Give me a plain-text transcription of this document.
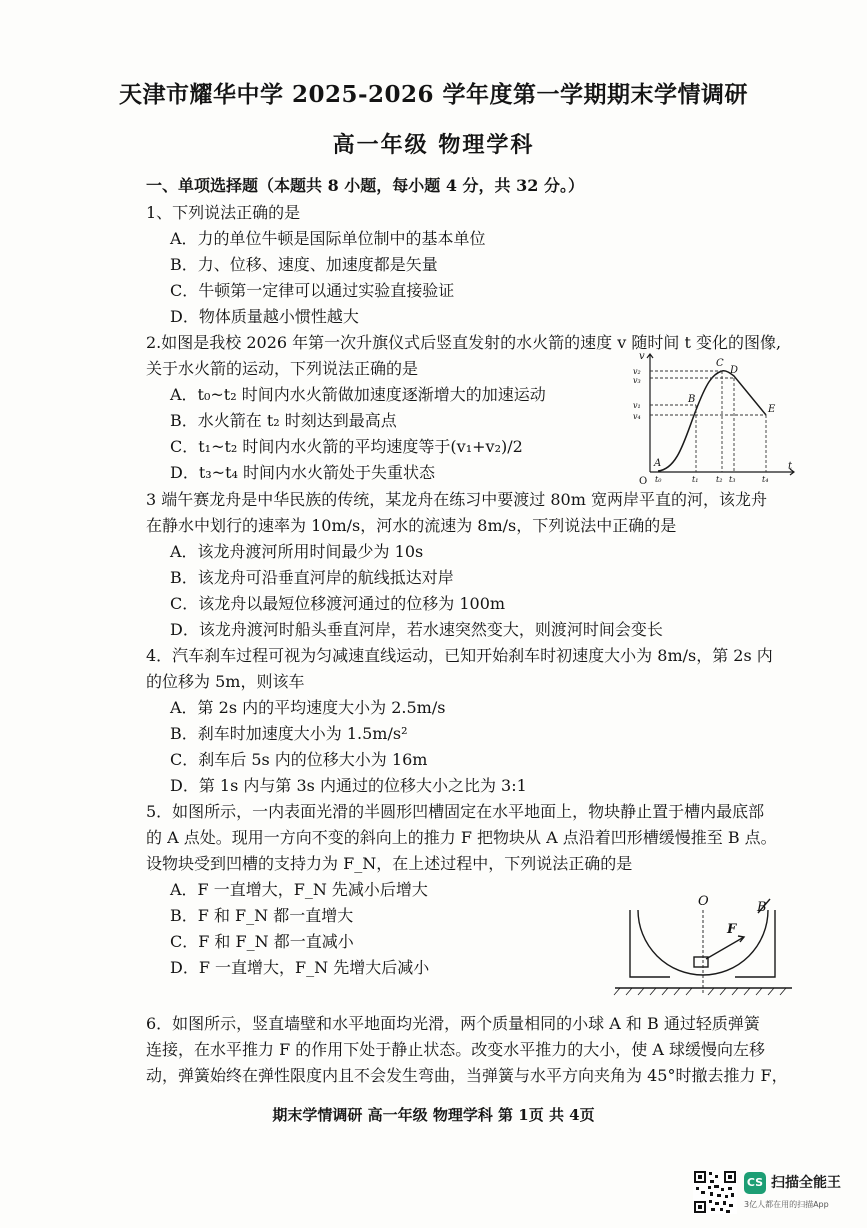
天津市耀华中学 2025-2026 学年度第一学期期末学情调研
高一年级 物理学科
一、单项选择题（本题共 8 小题，每小题 4 分，共 32 分。）
1、下列说法正确的是
A．力的单位牛顿是国际单位制中的基本单位
B．力、位移、速度、加速度都是矢量
C．牛顿第一定律可以通过实验直接验证
D．物体质量越小惯性越大
2.如图是我校 2026 年第一次升旗仪式后竖直发射的水火箭的速度 v 随时间 t 变化的图像,
关于水火箭的运动，下列说法正确的是
A．t₀~t₂ 时间内水火箭做加速度逐渐增大的加速运动
B．水火箭在 t₂ 时刻达到最高点
C．t₁~t₂ 时间内水火箭的平均速度等于(v₁+v₂)/2
D．t₃~t₄ 时间内水火箭处于失重状态
v
t
O
v₂
v₃
v₁
v₄
t₀	t₁ t₂ t₃	t₄
A
B
C
D
E
3 端午赛龙舟是中华民族的传统，某龙舟在练习中要渡过 80m 宽两岸平直的河，该龙舟
在静水中划行的速率为 10m/s，河水的流速为 8m/s，下列说法中正确的是
A．该龙舟渡河所用时间最少为 10s
B．该龙舟可沿垂直河岸的航线抵达对岸
C．该龙舟以最短位移渡河通过的位移为 100m
D．该龙舟渡河时船头垂直河岸，若水速突然变大，则渡河时间会变长
4．汽车刹车过程可视为匀减速直线运动，已知开始刹车时初速度大小为 8m/s，第 2s 内
的位移为 5m，则该车
A．第 2s 内的平均速度大小为 2.5m/s
B．刹车时加速度大小为 1.5m/s²
C．刹车后 5s 内的位移大小为 16m
D．第 1s 内与第 3s 内通过的位移大小之比为 3:1
5．如图所示，一内表面光滑的半圆形凹槽固定在水平地面上，物块静止置于槽内最底部
的 A 点处。现用一方向不变的斜向上的推力 F 把物块从 A 点沿着凹形槽缓慢推至 B 点。
设物块受到凹槽的支持力为 F_N，在上述过程中，下列说法正确的是
A．F 一直增大，F_N 先减小后增大
B．F 和 F_N 都一直增大
C．F 和 F_N 都一直减小
D．F 一直增大，F_N 先增大后减小
O	B
F
6．如图所示，竖直墙壁和水平地面均光滑，两个质量相同的小球 A 和 B 通过轻质弹簧
连接，在水平推力 F 的作用下处于静止状态。改变水平推力的大小，使 A 球缓慢向左移
动，弹簧始终在弹性限度内且不会发生弯曲，当弹簧与水平方向夹角为 45°时撤去推力 F，
期末学情调研 高一年级 物理学科 第 1页 共 4页
CS 扫描全能王
3亿人都在用的扫描App
